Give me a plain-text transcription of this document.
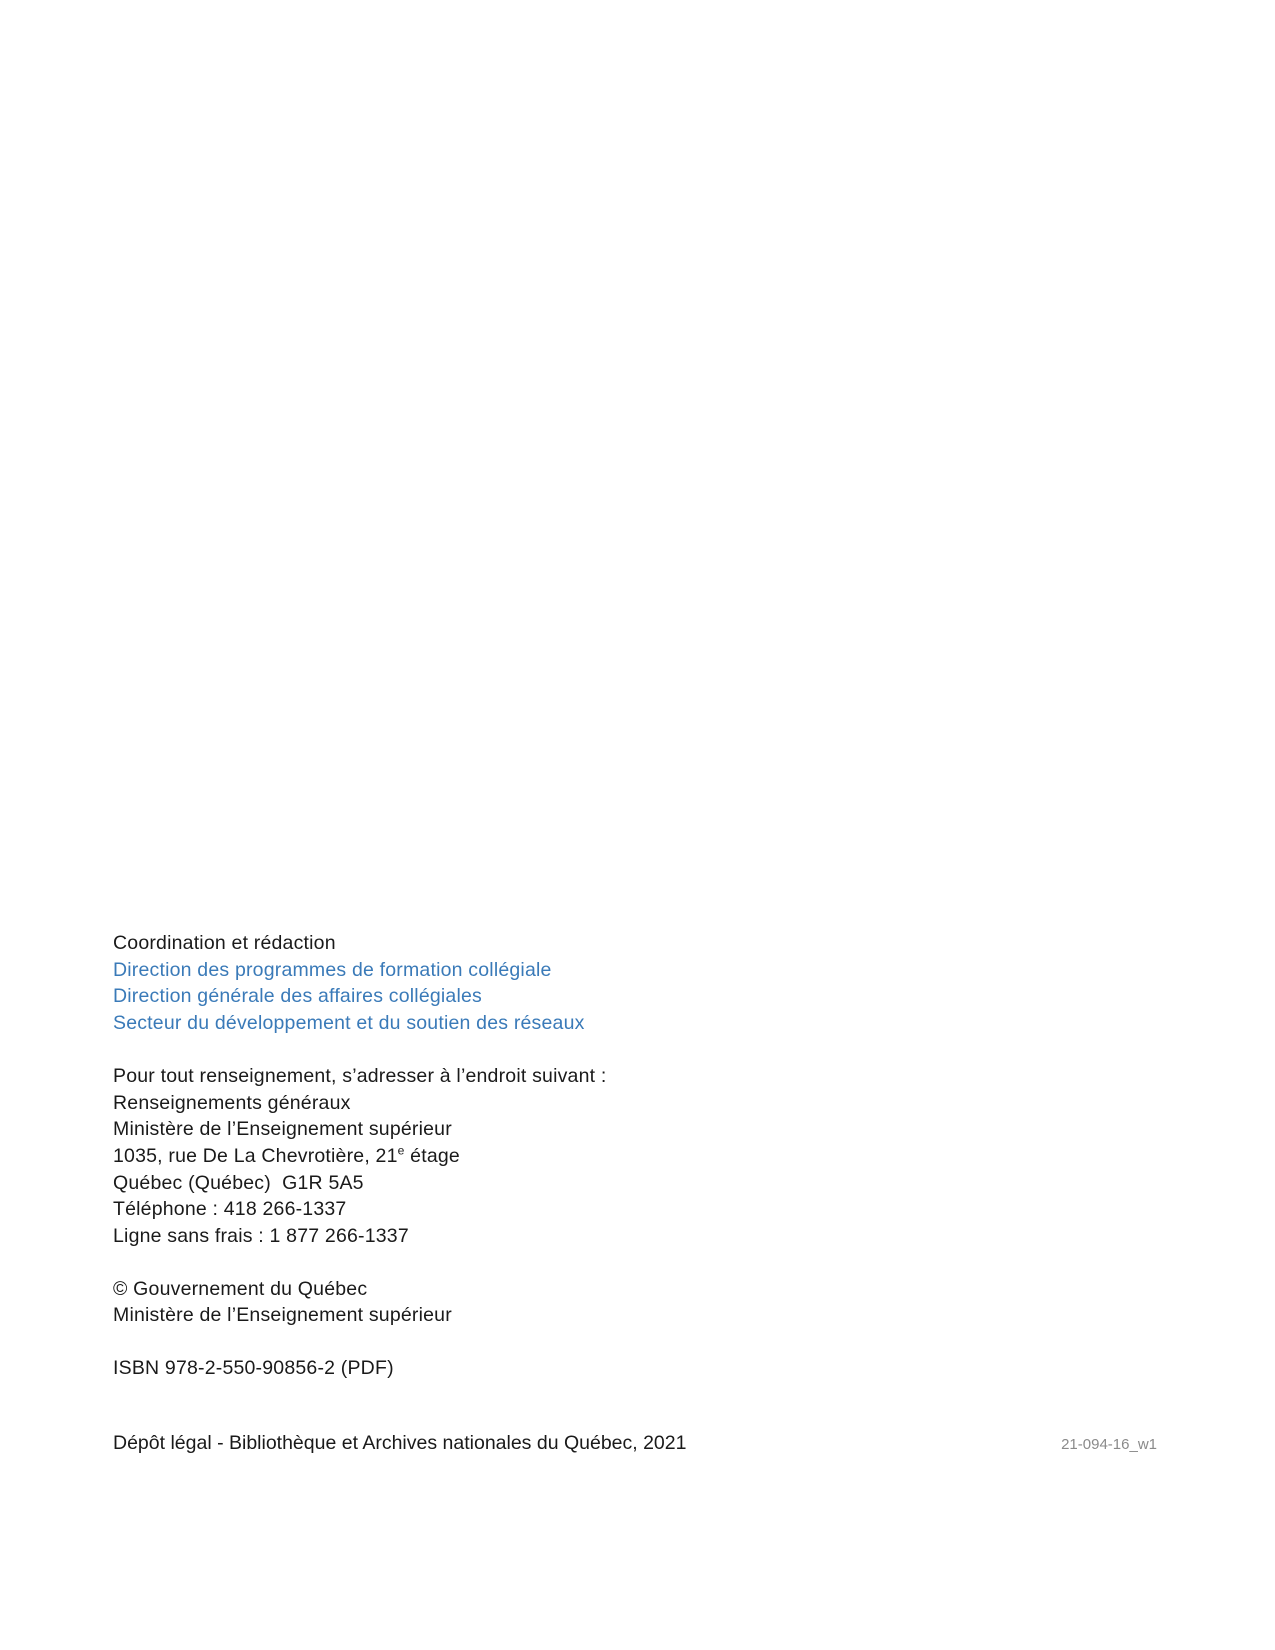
Coordination et rédaction
Direction des programmes de formation collégiale
Direction générale des affaires collégiales
Secteur du développement et du soutien des réseaux
Pour tout renseignement, s’adresser à l’endroit suivant :
Renseignements généraux
Ministère de l’Enseignement supérieur
1035, rue De La Chevrotière, 21e étage
Québec (Québec)  G1R 5A5
Téléphone : 418 266-1337
Ligne sans frais : 1 877 266-1337
© Gouvernement du Québec
Ministère de l’Enseignement supérieur
ISBN 978-2-550-90856-2 (PDF)
Dépôt légal - Bibliothèque et Archives nationales du Québec, 2021	21-094-16_w1
